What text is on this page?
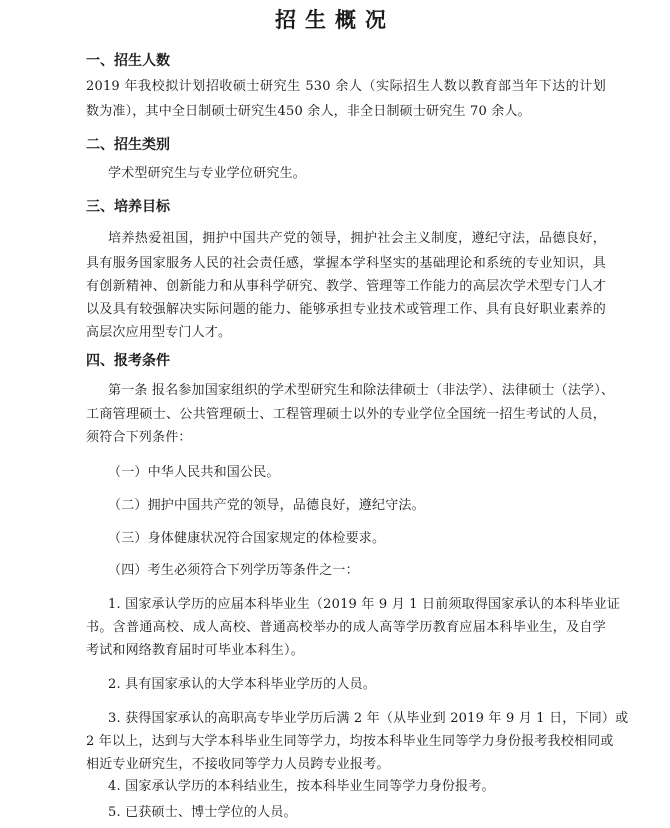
招生概况
一、招生人数
2019 年我校拟计划招收硕士研究生 530 余人（实际招生人数以教育部当年下达的计划
数为准），其中全日制硕士研究生450 余人，非全日制硕士研究生 70 余人。
二、招生类别
学术型研究生与专业学位研究生。
三、培养目标
培养热爱祖国，拥护中国共产党的领导，拥护社会主义制度，遵纪守法，品德良好，
具有服务国家服务人民的社会责任感，掌握本学科坚实的基础理论和系统的专业知识，具
有创新精神、创新能力和从事科学研究、教学、管理等工作能力的高层次学术型专门人才
以及具有较强解决实际问题的能力、能够承担专业技术或管理工作、具有良好职业素养的
高层次应用型专门人才。
四、报考条件
第一条 报名参加国家组织的学术型研究生和除法律硕士（非法学）、法律硕士（法学）、
工商管理硕士、公共管理硕士、工程管理硕士以外的专业学位全国统一招生考试的人员，
须符合下列条件：
（一）中华人民共和国公民。
（二）拥护中国共产党的领导，品德良好，遵纪守法。
（三）身体健康状况符合国家规定的体检要求。
（四）考生必须符合下列学历等条件之一：
1. 国家承认学历的应届本科毕业生（2019 年 9 月 1 日前须取得国家承认的本科毕业证
书。含普通高校、成人高校、普通高校举办的成人高等学历教育应届本科毕业生，及自学
考试和网络教育届时可毕业本科生）。
2. 具有国家承认的大学本科毕业学历的人员。
3. 获得国家承认的高职高专毕业学历后满 2 年（从毕业到 2019 年 9 月 1 日，下同）或
2 年以上，达到与大学本科毕业生同等学力，均按本科毕业生同等学力身份报考我校相同或
相近专业研究生，不接收同等学力人员跨专业报考。
4. 国家承认学历的本科结业生，按本科毕业生同等学力身份报考。
5. 已获硕士、博士学位的人员。
